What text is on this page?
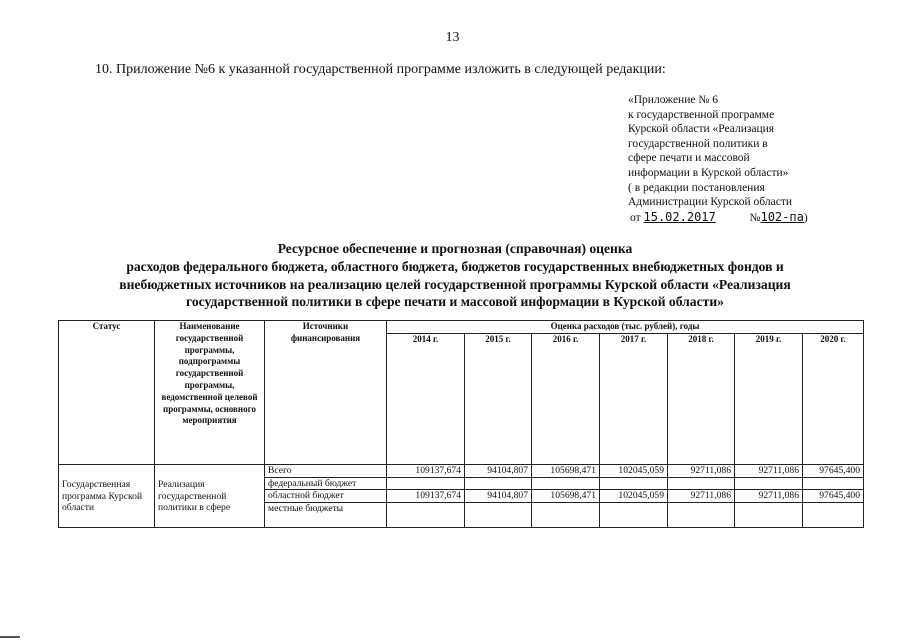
13
10. Приложение №6 к указанной государственной программе изложить в следующей редакции:
«Приложение № 6
к государственной программе
Курской области «Реализация
государственной политики в
сфере печати и массовой
информации в Курской области»
( в редакции постановления
Администрации Курской области
от 15.02.2017	№102-па)
Ресурсное обеспечение и прогнозная (справочная) оценка
расходов федерального бюджета, областного бюджета, бюджетов государственных внебюджетных фондов и
внебюджетных источников на реализацию целей государственной программы Курской области «Реализация
государственной политики в сфере печати и массовой информации в Курской области»
Статус	Наименование государственной программы, подпрограммы государственной программы, ведомственной целевой программы, основного мероприятия	Источники финансирования	Оценка расходов (тыс. рублей), годы						
			2014 г.	2015 г.	2016 г.	2017 г.	2018 г.	2019 г.	2020 г.
Государственная программа Курской области	Реализация государственной политики в сфере	Всего	109137,674	94104,807	105698,471	102045,059	92711,086	92711,086	97645,400
		федеральный бюджет							
		областной бюджет	109137,674	94104,807	105698,471	102045,059	92711,086	92711,086	97645,400
		местные бюджеты							
